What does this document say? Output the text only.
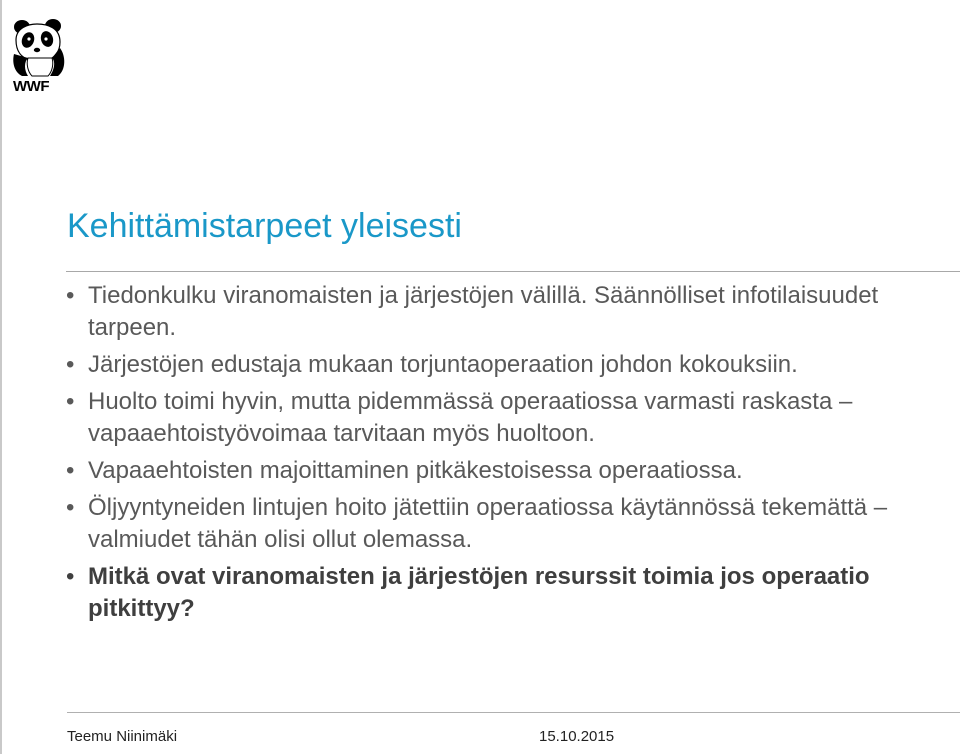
WWF
Kehittämistarpeet yleisesti
• Tiedonkulku viranomaisten ja järjestöjen välillä. Säännölliset infotilaisuudet tarpeen.
• Järjestöjen edustaja mukaan torjuntaoperaation johdon kokouksiin.
• Huolto toimi hyvin, mutta pidemmässä operaatiossa varmasti raskasta – vapaaehtoistyövoimaa tarvitaan myös huoltoon.
• Vapaaehtoisten majoittaminen pitkäkestoisessa operaatiossa.
• Öljyyntyneiden lintujen hoito jätettiin operaatiossa käytännössä tekemättä – valmiudet tähän olisi ollut olemassa.
• Mitkä ovat viranomaisten ja järjestöjen resurssit toimia jos operaatio pitkittyy?
Teemu Niinimäki	15.10.2015
